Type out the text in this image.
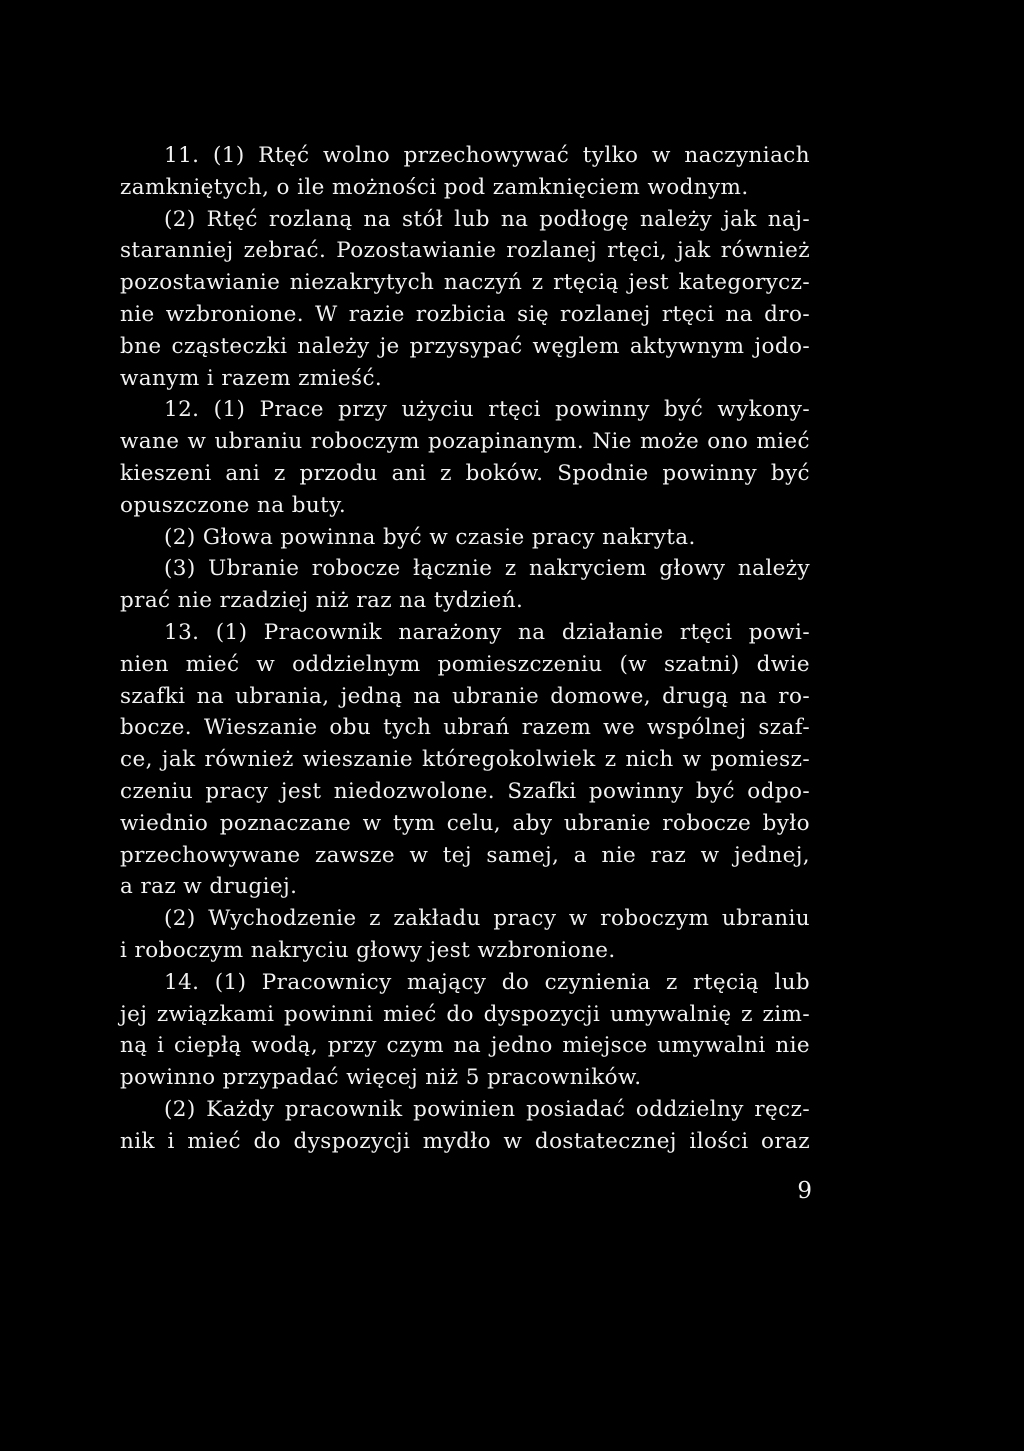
11. (1) Rtęć wolno przechowywać tylko w naczyniach
zamkniętych, o ile możności pod zamknięciem wodnym.
(2) Rtęć rozlaną na stół lub na podłogę należy jak naj-
staranniej zebrać. Pozostawianie rozlanej rtęci, jak również
pozostawianie niezakrytych naczyń z rtęcią jest kategorycz-
nie wzbronione. W razie rozbicia się rozlanej rtęci na dro-
bne cząsteczki należy je przysypać węglem aktywnym jodo-
wanym i razem zmieść.
12. (1) Prace przy użyciu rtęci powinny być wykony-
wane w ubraniu roboczym pozapinanym. Nie może ono mieć
kieszeni ani z przodu ani z boków. Spodnie powinny być
opuszczone na buty.
(2) Głowa powinna być w czasie pracy nakryta.
(3) Ubranie robocze łącznie z nakryciem głowy należy
prać nie rzadziej niż raz na tydzień.
13. (1) Pracownik narażony na działanie rtęci powi-
nien mieć w oddzielnym pomieszczeniu (w szatni) dwie
szafki na ubrania, jedną na ubranie domowe, drugą na ro-
bocze. Wieszanie obu tych ubrań razem we wspólnej szaf-
ce, jak również wieszanie któregokolwiek z nich w pomiesz-
czeniu pracy jest niedozwolone. Szafki powinny być odpo-
wiednio poznaczane w tym celu, aby ubranie robocze było
przechowywane zawsze w tej samej, a nie raz w jednej,
a raz w drugiej.
(2) Wychodzenie z zakładu pracy w roboczym ubraniu
i roboczym nakryciu głowy jest wzbronione.
14. (1) Pracownicy mający do czynienia z rtęcią lub
jej związkami powinni mieć do dyspozycji umywalnię z zim-
ną i ciepłą wodą, przy czym na jedno miejsce umywalni nie
powinno przypadać więcej niż 5 pracowników.
(2) Każdy pracownik powinien posiadać oddzielny ręcz-
nik i mieć do dyspozycji mydło w dostatecznej ilości oraz
9
